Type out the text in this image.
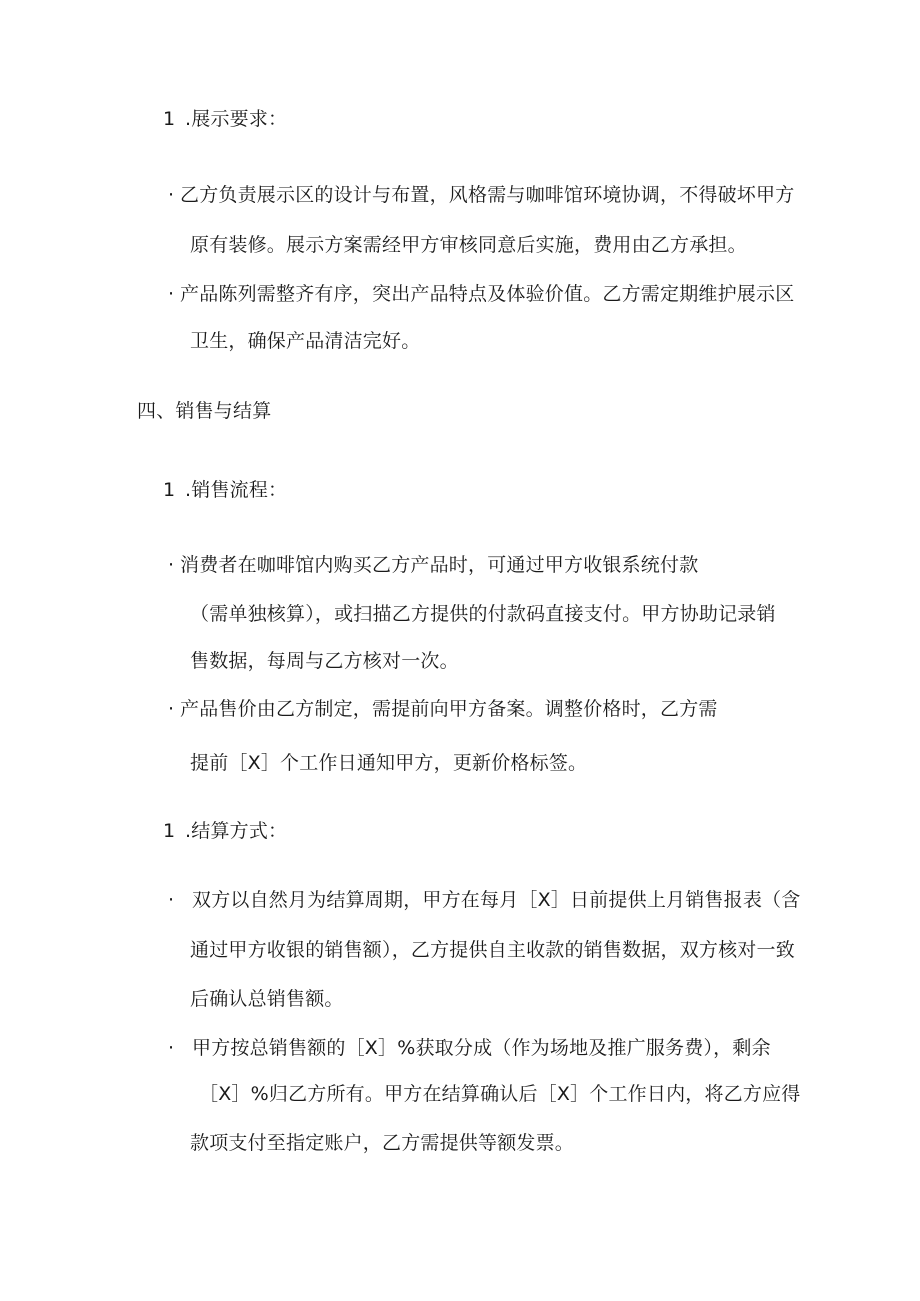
1 .展示要求：
· 乙方负责展示区的设计与布置，风格需与咖啡馆环境协调，不得破坏甲方
原有装修。展示方案需经甲方审核同意后实施，费用由乙方承担。
· 产品陈列需整齐有序，突出产品特点及体验价值。乙方需定期维护展示区
卫生，确保产品清洁完好。
四、销售与结算
1 .销售流程：
· 消费者在咖啡馆内购买乙方产品时，可通过甲方收银系统付款
（需单独核算），或扫描乙方提供的付款码直接支付。甲方协助记录销
售数据，每周与乙方核对一次。
· 产品售价由乙方制定，需提前向甲方备案。调整价格时，乙方需
提前［X］个工作日通知甲方，更新价格标签。
1 .结算方式：
· 双方以自然月为结算周期，甲方在每月［X］日前提供上月销售报表（含
通过甲方收银的销售额），乙方提供自主收款的销售数据，双方核对一致
后确认总销售额。
· 甲方按总销售额的［X］%获取分成（作为场地及推广服务费），剩余
［X］%归乙方所有。甲方在结算确认后［X］个工作日内，将乙方应得
款项支付至指定账户，乙方需提供等额发票。
